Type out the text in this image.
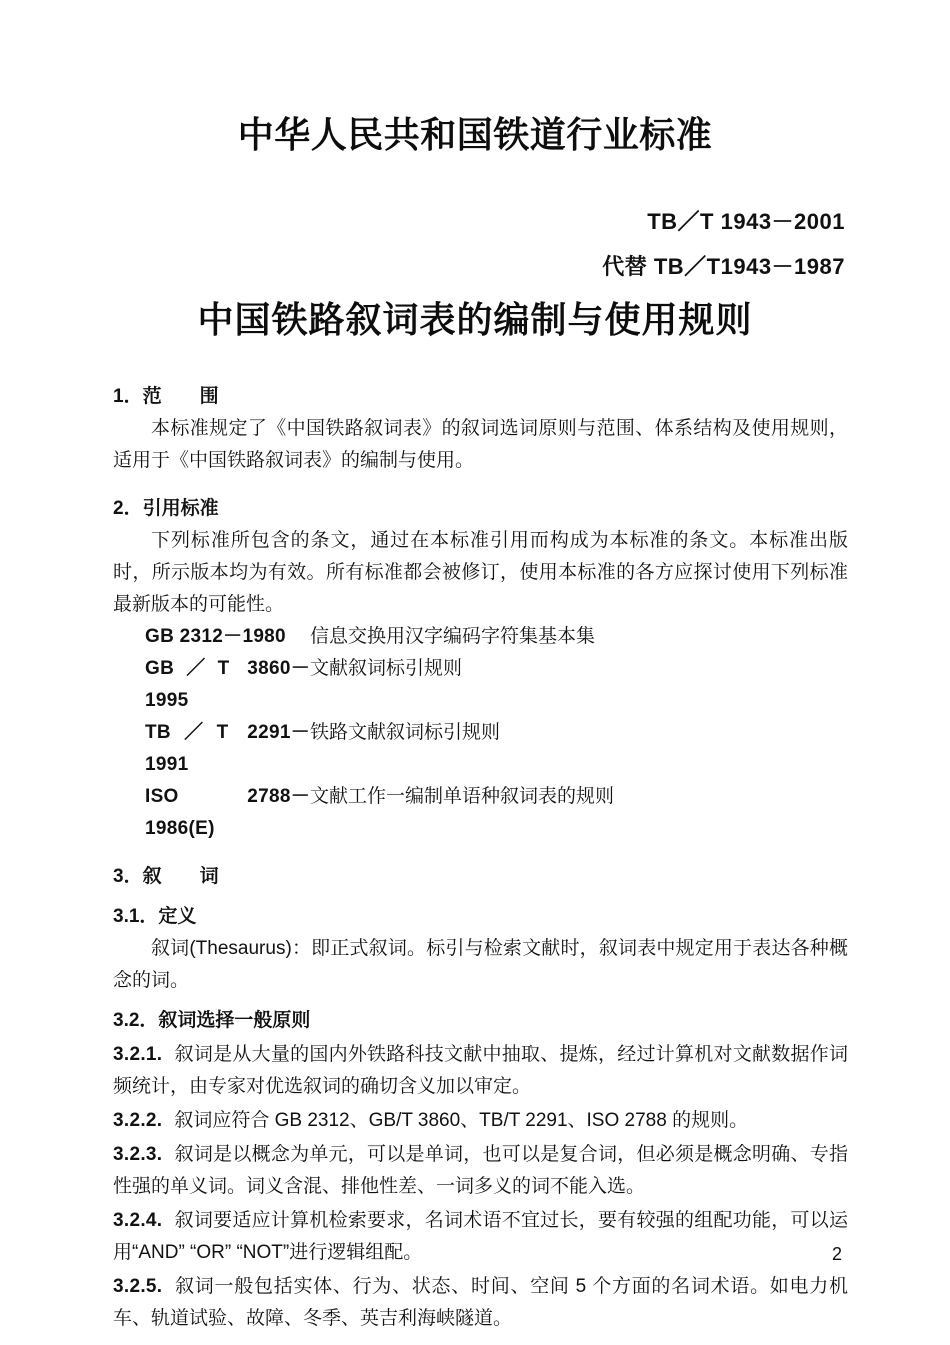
中华人民共和国铁道行业标准
TB／T 1943－2001
代替 TB／T1943－1987
中国铁路叙词表的编制与使用规则
1．范　　围
本标准规定了《中国铁路叙词表》的叙词选词原则与范围、体系结构及使用规则，适用于《中国铁路叙词表》的编制与使用。
2．引用标准
下列标准所包含的条文，通过在本标准引用而构成为本标准的条文。本标准出版时，所示版本均为有效。所有标准都会被修订，使用本标准的各方应探讨使用下列标准最新版本的可能性。
GB 2312－1980	信息交换用汉字编码字符集基本集
GB／T 3860－1995
文献叙词标引规则
TB／T 2291－1991
铁路文献叙词标引规则
ISO 2788－1986(E)
文献工作一编制单语种叙词表的规则
3．叙　　词
3.1．定义
叙词(Thesaurus)：即正式叙词。标引与检索文献时，叙词表中规定用于表达各种概念的词。
3.2．叙词选择一般原则
3.2.1. 叙词是从大量的国内外铁路科技文献中抽取、提炼，经过计算机对文献数据作词频统计，由专家对优选叙词的确切含义加以审定。
3.2.2. 叙词应符合 GB 2312、GB/T 3860、TB/T 2291、ISO 2788 的规则。
3.2.3. 叙词是以概念为单元，可以是单词，也可以是复合词，但必须是概念明确、专指性强的单义词。词义含混、排他性差、一词多义的词不能入选。
3.2.4. 叙词要适应计算机检索要求，名词术语不宜过长，要有较强的组配功能，可以运用“AND” “OR” “NOT”进行逻辑组配。
3.2.5. 叙词一般包括实体、行为、状态、时间、空间 5 个方面的名词术语。如电力机车、轨道试验、故障、冬季、英吉利海峡隧道。
2
